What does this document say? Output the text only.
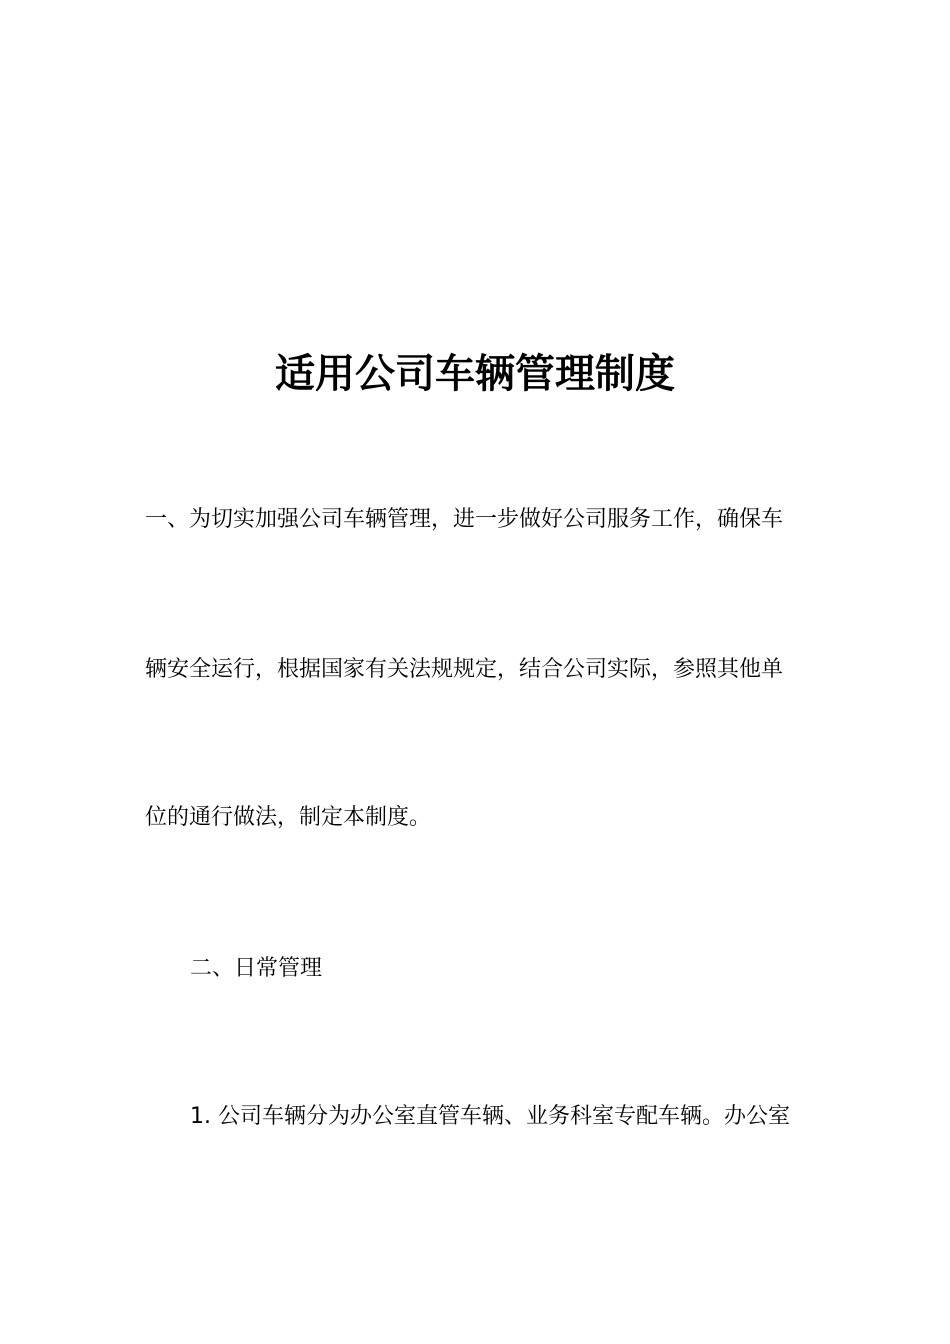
适用公司车辆管理制度
一、为切实加强公司车辆管理，进一步做好公司服务工作，确保车
辆安全运行，根据国家有关法规规定，结合公司实际，参照其他单
位的通行做法，制定本制度。
二、日常管理
1. 公司车辆分为办公室直管车辆、业务科室专配车辆。办公室
